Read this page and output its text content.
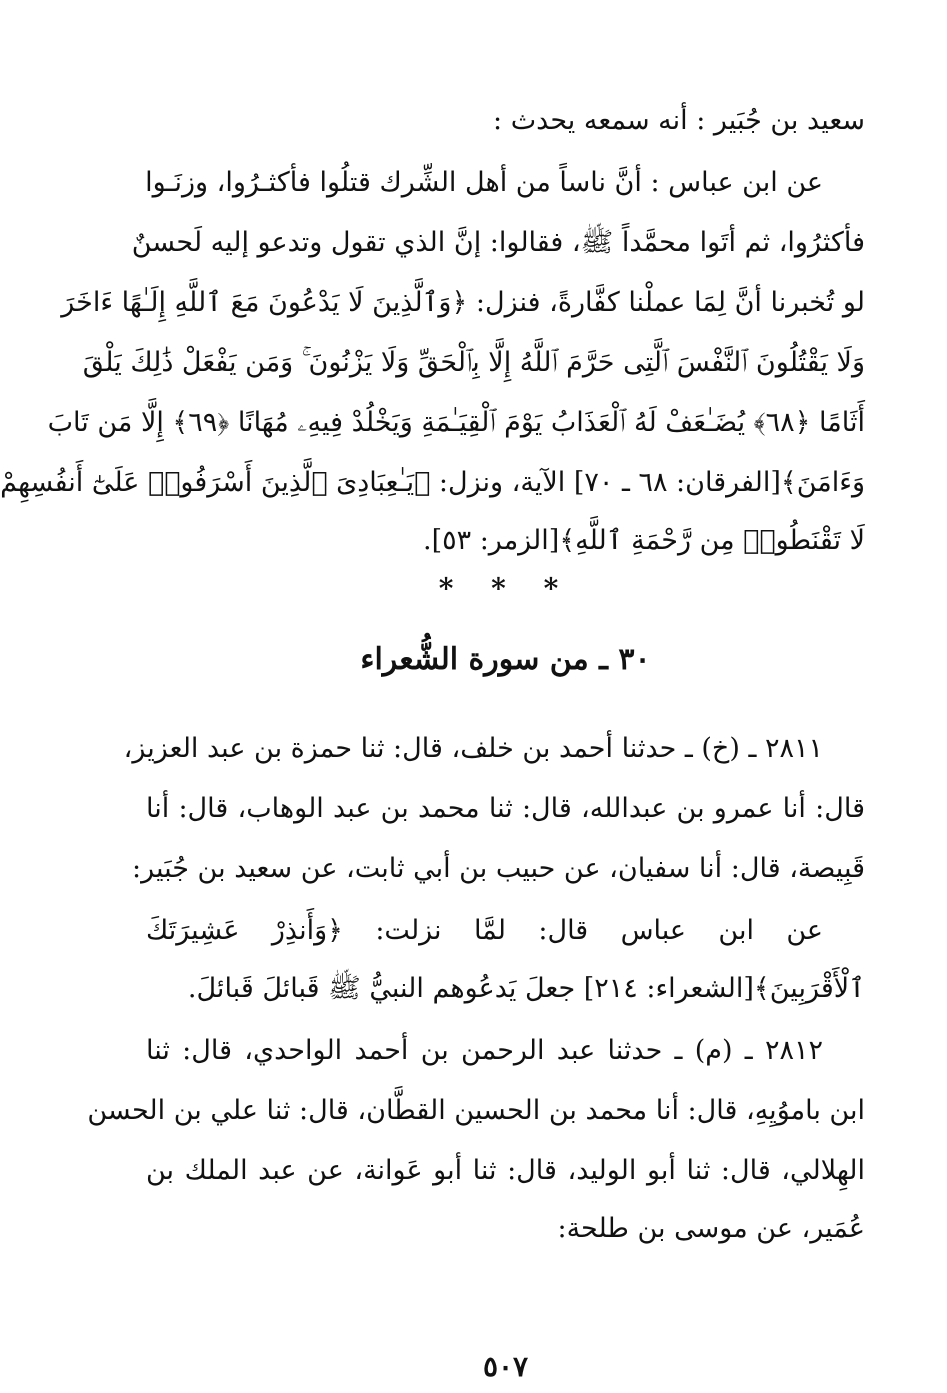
سعيد بن جُبَير : أنه سمعه يحدث :
عن ابن عباس : أنَّ ناساً من أهل الشِّرك قتلُوا فأكثـرُوا، وزنَـوا
فأكثرُوا، ثم أتَوا محمَّداً ﷺ، فقالوا: إنَّ الذي تقول وتدعو إليه لَحسنٌ
لو تُخبرنا أنَّ لِمَا عملْنا كفَّارةً، فنزل: ﴿وَٱلَّذِينَ لَا يَدْعُونَ مَعَ ٱللَّهِ إِلَـٰهًا ءَاخَرَ
وَلَا يَقْتُلُونَ ٱلنَّفْسَ ٱلَّتِى حَرَّمَ ٱللَّهُ إِلَّا بِٱلْحَقِّ وَلَا يَزْنُونَ ۚ وَمَن يَفْعَلْ ذَٰلِكَ يَلْقَ
أَثَامًا ﴿٦٨﴾ يُضَـٰعَفْ لَهُ ٱلْعَذَابُ يَوْمَ ٱلْقِيَـٰمَةِ وَيَخْلُدْ فِيهِۦ مُهَانًا ﴿٦٩﴾ إِلَّا مَن تَابَ
وَءَامَنَ﴾[الفرقان: ٦٨ ـ ٧٠] الآية، ونزل: ﴿يَـٰعِبَادِىَ ٱلَّذِينَ أَسْرَفُوا۟ عَلَىٰٓ أَنفُسِهِمْ
لَا تَقْنَطُوا۟ مِن رَّحْمَةِ ٱللَّهِ﴾[الزمر: ٥٣].
* * *
٣٠ ـ من سورة الشُّعراء
٢٨١١ ـ (خ) ـ حدثنا أحمد بن خلف، قال: ثنا حمزة بن عبد العزيز،
قال: أنا عمرو بن عبدالله، قال: ثنا محمد بن عبد الوهاب، قال: أنا
قَبِيصة، قال: أنا سفيان، عن حبيب بن أبي ثابت، عن سعيد بن جُبَير:
عن ابن عباس قال: لمَّا نزلت: ﴿وَأَنذِرْ عَشِيرَتَكَ
ٱلْأَقْرَبِينَ﴾[الشعراء: ٢١٤] جعلَ يَدعُوهم النبيُّ ﷺ قَبائلَ قَبائلَ.
٢٨١٢ ـ (م) ـ حدثنا عبد الرحمن بن أحمد الواحدي، قال: ثنا
ابن باموُيِهِ، قال: أنا محمد بن الحسين القطَّان، قال: ثنا علي بن الحسن
الهِلالي، قال: ثنا أبو الوليد، قال: ثنا أبو عَوانة، عن عبد الملك بن
عُمَير، عن موسى بن طلحة:
٥٠٧
